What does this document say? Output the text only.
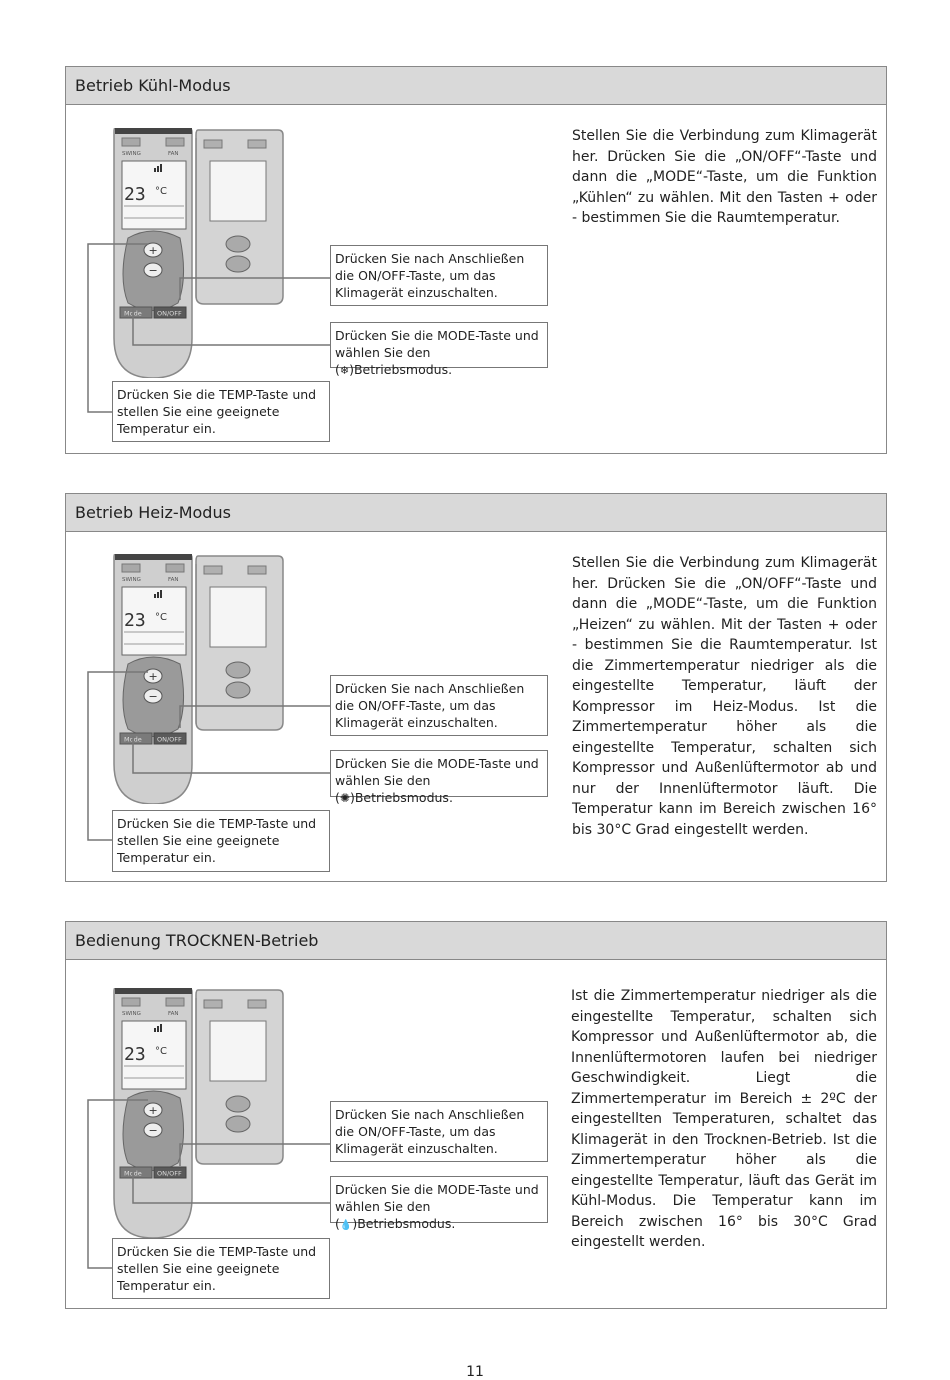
Betrieb Kühl-Modus
Betrieb Heiz-Modus
Bedienung TROCKNEN-Betrieb
SWING	FAN
23 °C
+
−
Mode ON/OFF
SWING	FAN
23 °C
+
−
Mode ON/OFF
SWING	FAN
23 °C
+
−
Mode ON/OFF
Drücken Sie nach Anschließen die ON/OFF-Taste, um das Klimagerät einzuschalten.
Drücken Sie die MODE-Taste und wählen Sie den (❄)Betriebsmodus.
Drücken Sie die TEMP-Taste und stellen Sie eine geeignete Temperatur ein.
Stellen Sie die Verbindung zum Klimagerät her. Drücken Sie die „ON/OFF“-Taste und dann die „MODE“-Taste, um die Funktion „Kühlen“ zu wählen. Mit den Tasten + oder - bestimmen Sie die Raumtemperatur.
Drücken Sie nach Anschließen die ON/OFF-Taste, um das Klimagerät einzuschalten.
Drücken Sie die MODE-Taste und wählen Sie den (✺)Betriebsmodus.
Drücken Sie die TEMP-Taste und stellen Sie eine geeignete Temperatur ein.
Stellen Sie die Verbindung zum Klimagerät her. Drücken Sie die „ON/OFF“-Taste und dann die „MODE“-Taste, um die Funktion „Heizen“ zu wählen. Mit der Tasten + oder - bestimmen Sie die Raumtemperatur. Ist die Zimmertemperatur niedriger als die eingestellte Temperatur, läuft der Kompressor im Heiz-Modus. Ist die Zimmertemperatur höher als die eingestellte Temperatur, schalten sich Kompressor und Außenlüftermotor ab und nur der Innenlüftermotor läuft. Die Temperatur kann im Bereich zwischen 16° bis 30°C Grad eingestellt werden.
Drücken Sie nach Anschließen die ON/OFF-Taste, um das Klimagerät einzuschalten.
Drücken Sie die MODE-Taste und wählen Sie den (💧)Betriebsmodus.
Drücken Sie die TEMP-Taste und stellen Sie eine geeignete Temperatur ein.
Ist die Zimmertemperatur niedriger als die eingestellte Temperatur, schalten sich Kompressor und Außenlüftermotor ab, die Innenlüftermotoren laufen bei niedriger Geschwindigkeit. Liegt die Zimmertemperatur im Bereich ± 2ºC der eingestellten Temperaturen, schaltet das Klimagerät in den Trocknen-Betrieb. Ist die Zimmertemperatur höher als die eingestellte Temperatur, läuft das Gerät im Kühl-Modus. Die Temperatur kann im Bereich zwischen 16° bis 30°C Grad eingestellt werden.
11
